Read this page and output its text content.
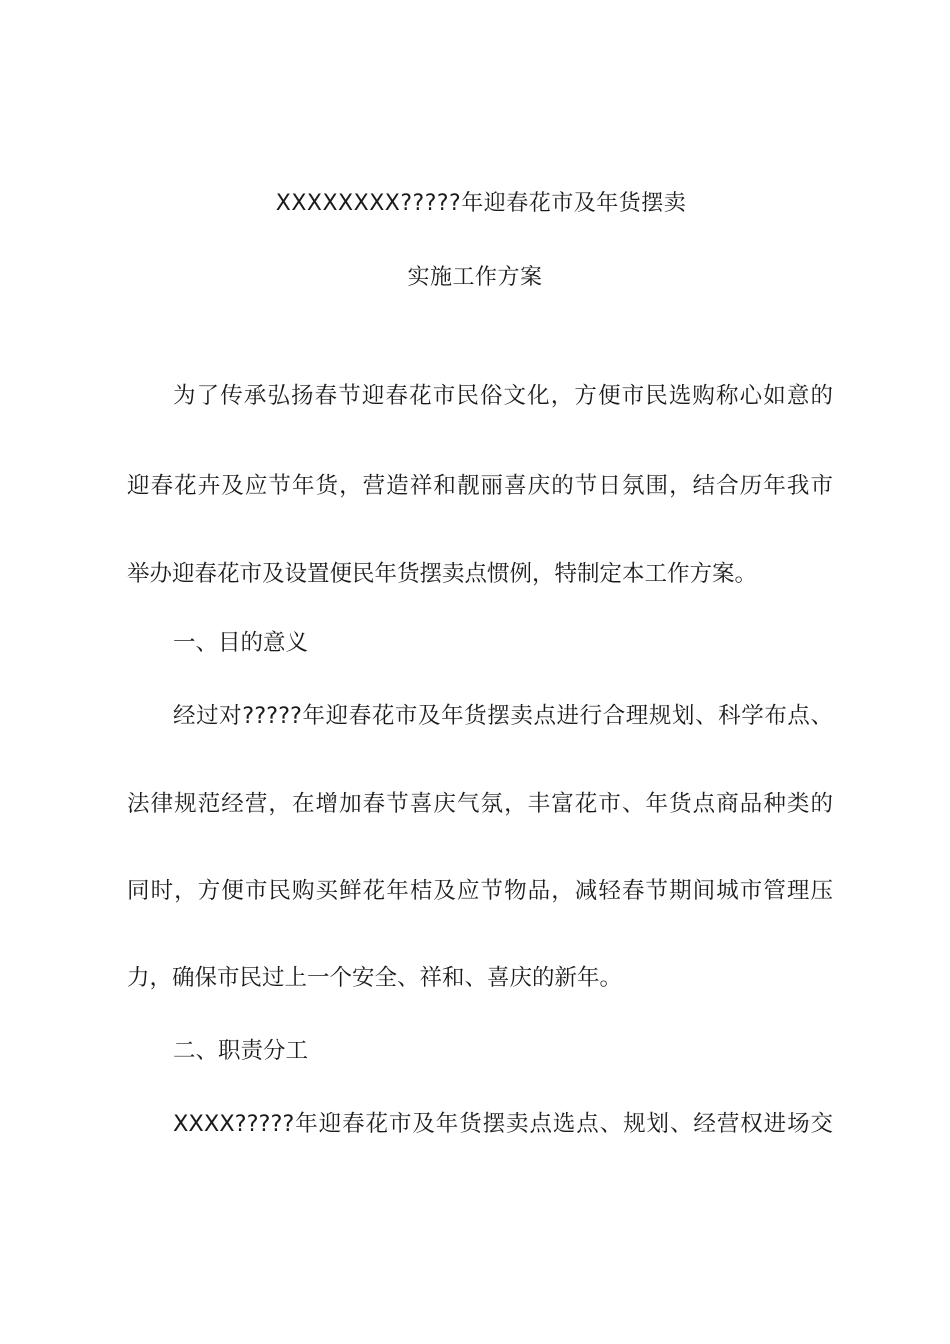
XXXXXXXX?????年迎春花市及年货摆卖
实施工作方案
为了传承弘扬春节迎春花市民俗文化，方便市民选购称心如意的
迎春花卉及应节年货，营造祥和靓丽喜庆的节日氛围，结合历年我市
举办迎春花市及设置便民年货摆卖点惯例，特制定本工作方案。
一、目的意义
经过对?????年迎春花市及年货摆卖点进行合理规划、科学布点、
法律规范经营，在增加春节喜庆气氛，丰富花市、年货点商品种类的
同时，方便市民购买鲜花年桔及应节物品，减轻春节期间城市管理压
力，确保市民过上一个安全、祥和、喜庆的新年。
二、职责分工
XXXX?????年迎春花市及年货摆卖点选点、规划、经营权进场交
